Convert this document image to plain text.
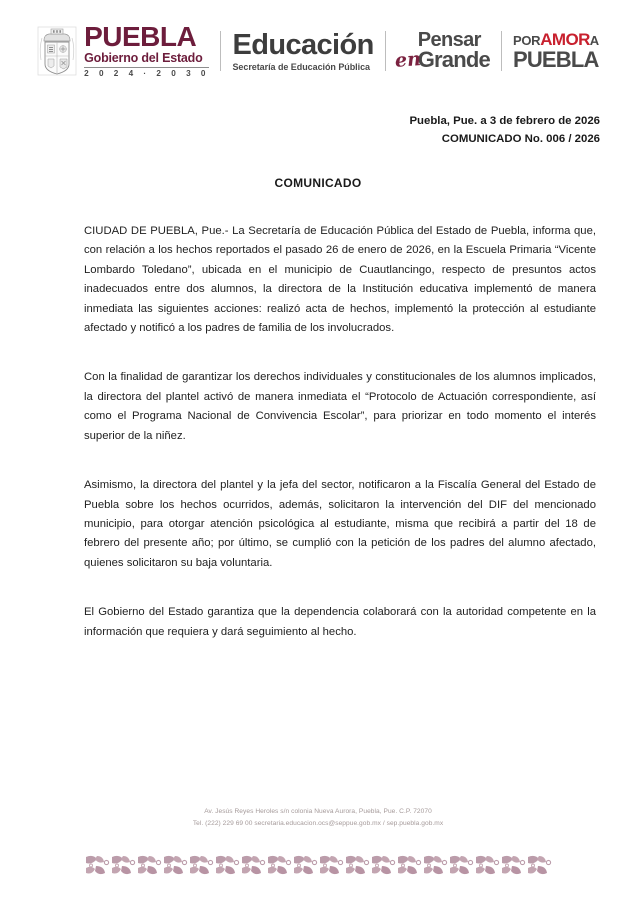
PUEBLA
Gobierno del Estado
2 0 2 4 · 2 0 3 0
Educación
Secretaría de Educación Pública
Pensar
Grande
en
PORAMORA
PUEBLA
Puebla, Pue. a 3 de febrero de 2026
COMUNICADO No. 006 / 2026
COMUNICADO

CIUDAD DE PUEBLA, Pue.- La Secretaría de Educación Pública del Estado de Puebla, informa que, con relación a los hechos reportados el pasado 26 de enero de 2026, en la Escuela Primaria “Vicente Lombardo Toledano”, ubicada en el municipio de Cuautlancingo, respecto de presuntos actos inadecuados entre dos alumnos, la directora de la Institución educativa implementó de manera inmediata las siguientes acciones: realizó acta de hechos, implementó la protección al estudiante afectado y notificó a los padres de familia de los involucrados.

Con la finalidad de garantizar los derechos individuales y constitucionales de los alumnos implicados, la directora del plantel activó de manera inmediata el “Protocolo de Actuación correspondiente, así como el Programa Nacional de Convivencia Escolar”, para priorizar en todo momento el interés superior de la niñez.

Asimismo, la directora del plantel y la jefa del sector, notificaron a la Fiscalía General del Estado de Puebla sobre los hechos ocurridos, además, solicitaron la intervención del DIF del mencionado municipio, para otorgar atención psicológica al estudiante, misma que recibirá a partir del 18 de febrero del presente año; por último, se cumplió con la petición de los padres del alumno afectado, quienes solicitaron su baja voluntaria.

El Gobierno del Estado garantiza que la dependencia colaborará con la autoridad competente en la información que requiera y dará seguimiento al hecho.

Av. Jesús Reyes Heroles s/n colonia Nueva Aurora, Puebla, Pue. C.P. 72070
Tel. (222) 229 69 00 secretaria.educacion.ocs@seppue.gob.mx / sep.puebla.gob.mx
